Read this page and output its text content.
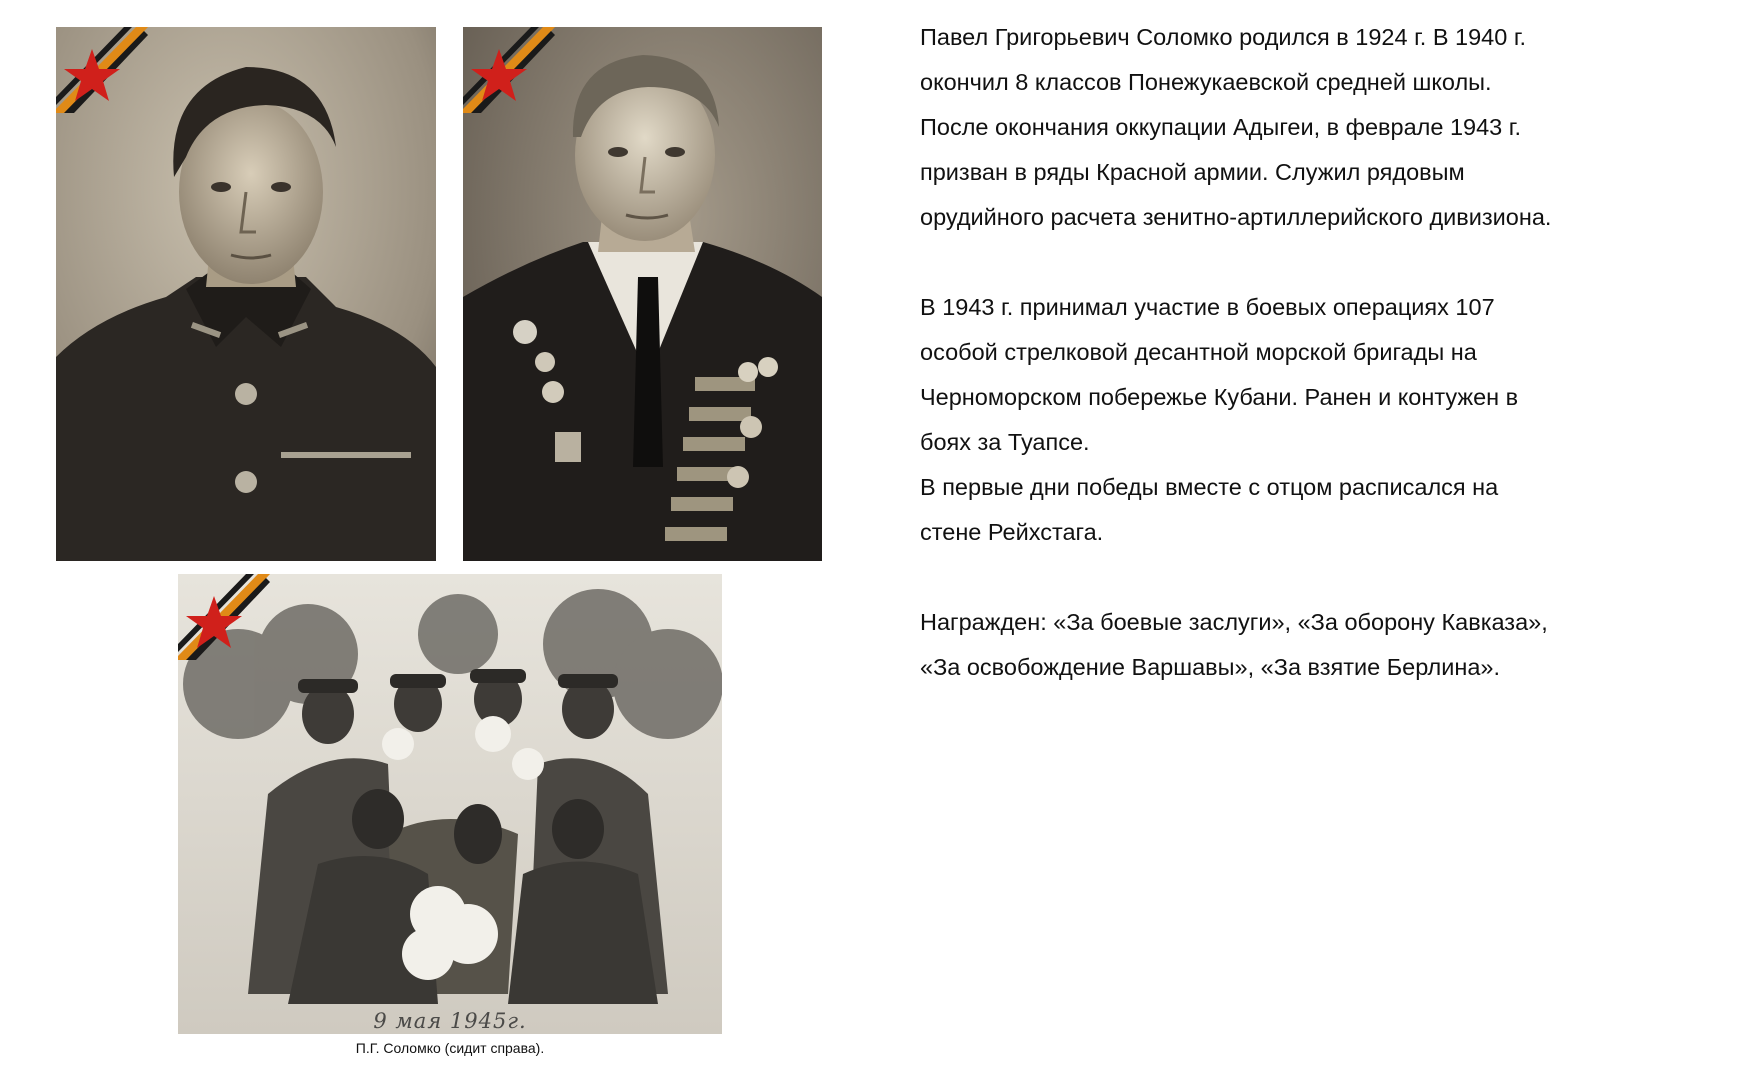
9 мая 1945г.
П.Г. Соломко (сидит справа).

Павел Григорьевич Соломко родился в 1924 г. В 1940 г.
окончил 8 классов Понежукаевской средней школы.
После окончания оккупации Адыгеи, в феврале 1943 г.
призван в ряды Красной армии. Служил рядовым
орудийного расчета зенитно-артиллерийского дивизиона.

В 1943 г. принимал участие в боевых операциях 107
особой стрелковой десантной морской бригады на
Черноморском побережье Кубани. Ранен и контужен в
боях за Туапсе.
В первые дни победы вместе с отцом расписался на
стене Рейхстага.

Награжден: «За боевые заслуги», «За оборону Кавказа»,
«За освобождение Варшавы», «За взятие Берлина».
